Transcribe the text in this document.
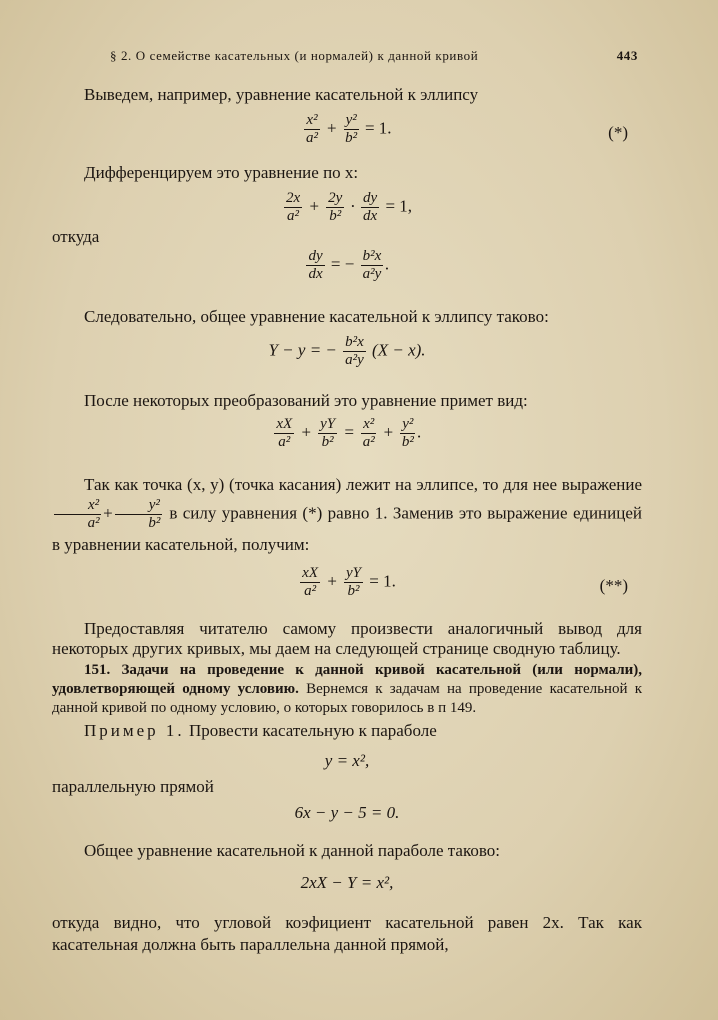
§ 2. О семействе касательных (и нормалей) к данной кривой	443

Выведем, например, уравнение касательной к эллипсу

$\frac{\text{x²}}{\text{a²}} + \frac{\text{y²}}{\text{b²}} = 1$.	(*)

Дифференцируем это уравнение по x:

$\frac{2x}{\text{a²}} + \frac{2y}{\text{b²}} \cdot \frac{dy}{dx} = 1$,

откуда

$\frac{dy}{dx}$ = − $\frac{\text{b²x}}{\text{a²y}}$ .

Следовательно, общее уравнение касательной к эллипсу таково:

Y − y = − $\frac{\text{b²x}}{\text{a²y}} (X - x)$.

После некоторых преобразований это уравнение примет вид:

$\frac{xX}{\text{a²}} + \frac{yY}{\text{b²}} = \frac{\text{x²}}{\text{a²}} + \frac{\text{y²}}{\text{b²}}$ .

Так как точка (x, y) (точка касания) лежит на эллипсе, то для нее выражение
$\frac{\text{x²}}{\text{a²}} + \frac{\text{y²}}{\text{b²}}$ в силу уравнения (*) равно 1. Заменив это выражение единицей в уравнении касательной, получим:

$\frac{xX}{\text{a²}} + \frac{yY}{\text{b²}} = 1$.	(**)

Предоставляя читателю самому произвести аналогичный вывод для некоторых других кривых, мы даем на следующей странице сводную таблицу.

151. Задачи на проведение к данной кривой касательной (или нормали), удовлетворяющей одному условию. Вернемся к задачам на проведение касательной к данной кривой по одному условию, о которых говорилось в п 149.

Пример 1. Провести касательную к параболе

y = x²,

параллельную прямой

6x − y − 5 = 0.

Общее уравнение касательной к данной параболе таково:

2xX − Y = x²,

откуда видно, что угловой коэфициент касательной равен 2x. Так как касательная должна быть параллельна данной прямой,
